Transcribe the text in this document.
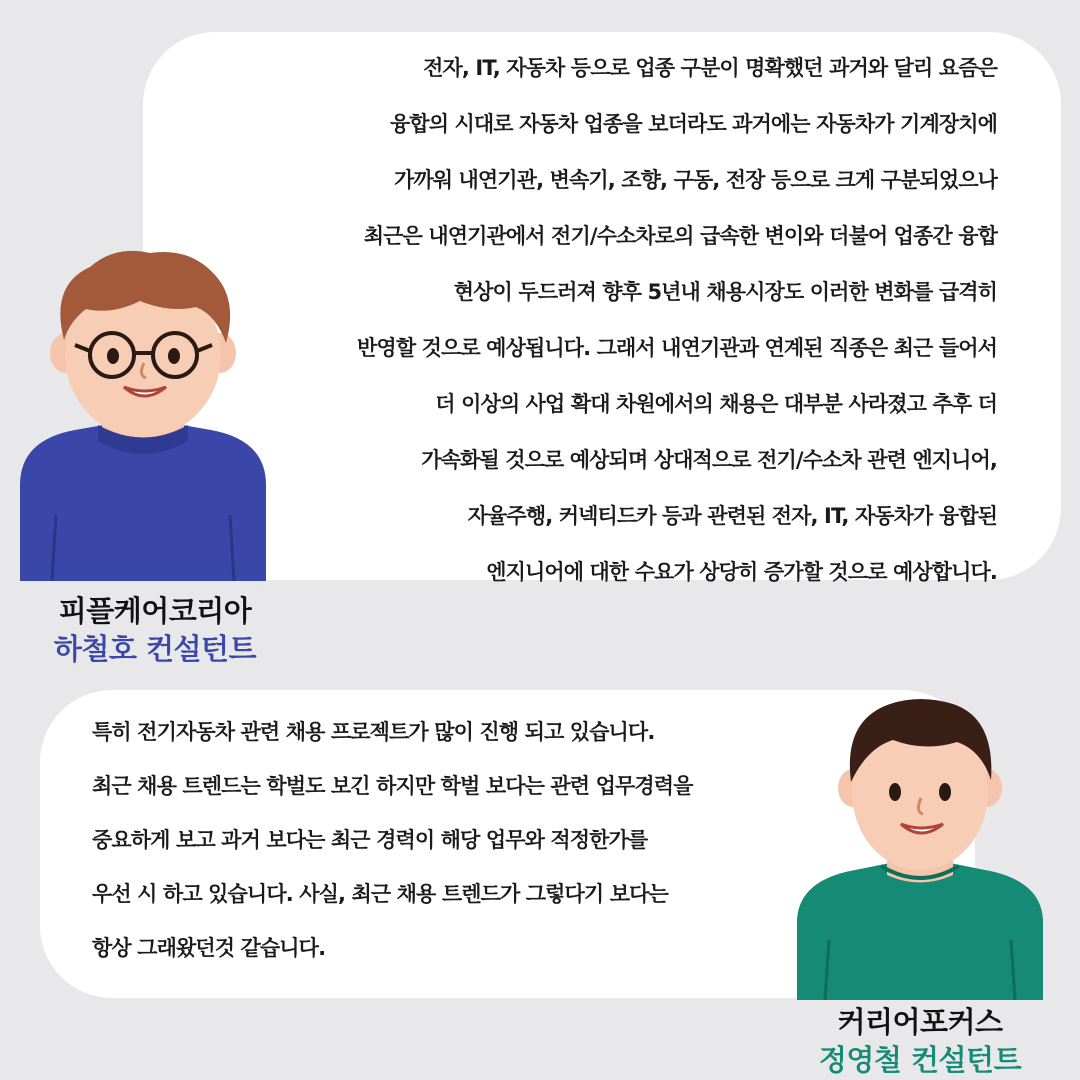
전자, IT, 자동차 등으로 업종 구분이 명확했던 과거와 달리 요즘은
융합의 시대로 자동차 업종을 보더라도 과거에는 자동차가 기계장치에
가까워 내연기관, 변속기, 조향, 구동, 전장 등으로 크게 구분되었으나
최근은 내연기관에서 전기/수소차로의 급속한 변이와 더불어 업종간 융합
현상이 두드러져 향후 5년내 채용시장도 이러한 변화를 급격히
반영할 것으로 예상됩니다. 그래서 내연기관과 연계된 직종은 최근 들어서
더 이상의 사업 확대 차원에서의 채용은 대부분 사라졌고 추후 더
가속화될 것으로 예상되며 상대적으로 전기/수소차 관련 엔지니어,
자율주행, 커넥티드카 등과 관련된 전자, IT, 자동차가 융합된
엔지니어에 대한 수요가 상당히 증가할 것으로 예상합니다.
피플케어코리아
하철호 컨설턴트
특히 전기자동차 관련 채용 프로젝트가 많이 진행 되고 있습니다.
최근 채용 트렌드는 학벌도 보긴 하지만 학벌 보다는 관련 업무경력을
중요하게 보고 과거 보다는 최근 경력이 해당 업무와 적정한가를
우선 시 하고 있습니다. 사실, 최근 채용 트렌드가 그렇다기 보다는
항상 그래왔던것 같습니다.
커리어포커스
정영철 컨설턴트
